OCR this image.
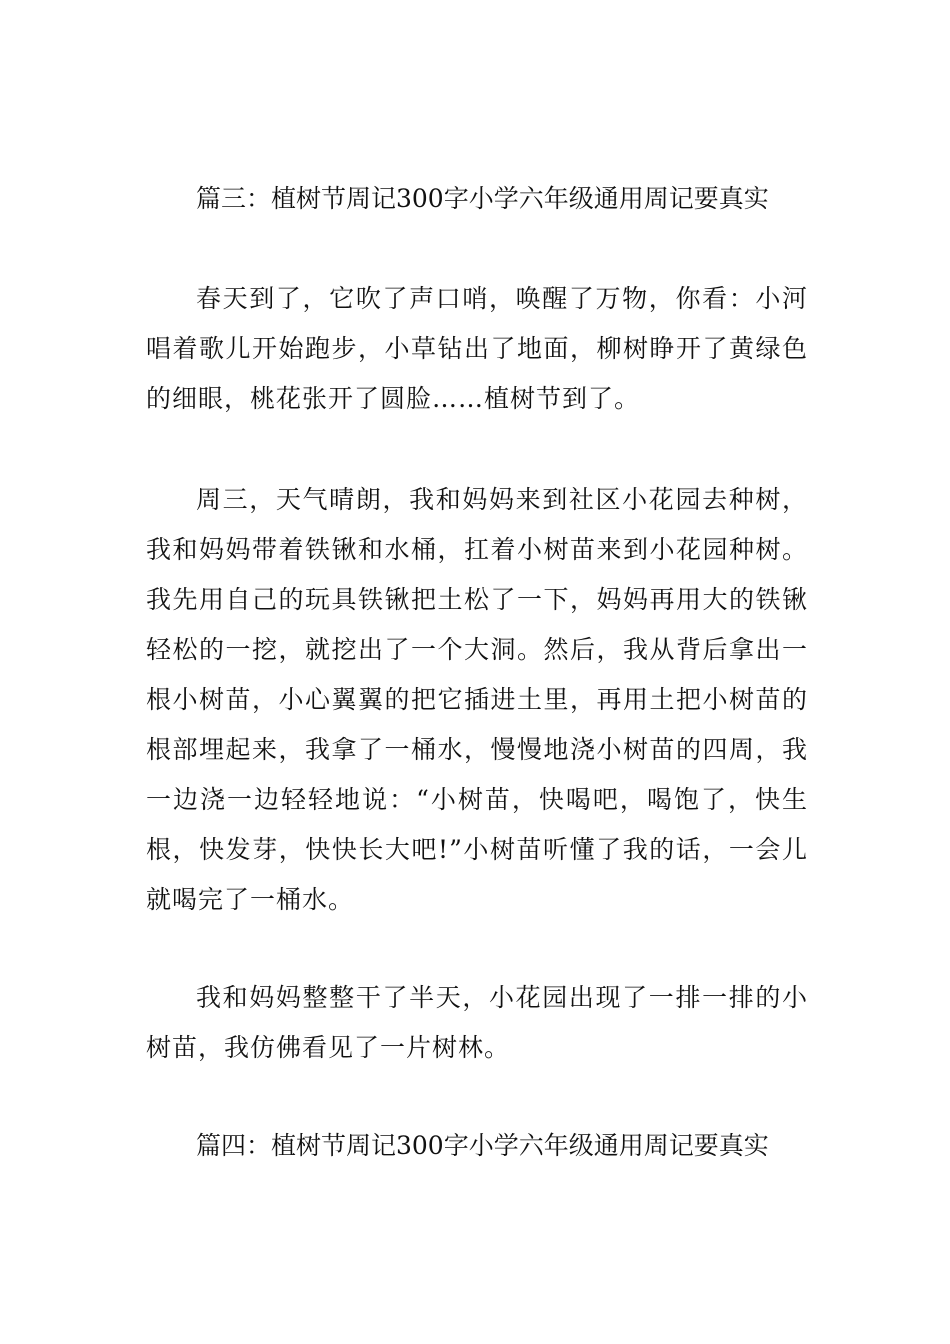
篇三：植树节周记300字小学六年级通用周记要真实

春天到了，它吹了声口哨，唤醒了万物，你看：小河唱着歌儿开始跑步，小草钻出了地面，柳树睁开了黄绿色的细眼，桃花张开了圆脸……植树节到了。

周三，天气晴朗，我和妈妈来到社区小花园去种树，我和妈妈带着铁锹和水桶，扛着小树苗来到小花园种树。我先用自己的玩具铁锹把土松了一下，妈妈再用大的铁锹轻松的一挖，就挖出了一个大洞。然后，我从背后拿出一根小树苗，小心翼翼的把它插进土里，再用土把小树苗的根部埋起来，我拿了一桶水，慢慢地浇小树苗的四周，我一边浇一边轻轻地说：“小树苗，快喝吧，喝饱了，快生根，快发芽，快快长大吧!”小树苗听懂了我的话，一会儿就喝完了一桶水。

我和妈妈整整干了半天，小花园出现了一排一排的小树苗，我仿佛看见了一片树林。

篇四：植树节周记300字小学六年级通用周记要真实
